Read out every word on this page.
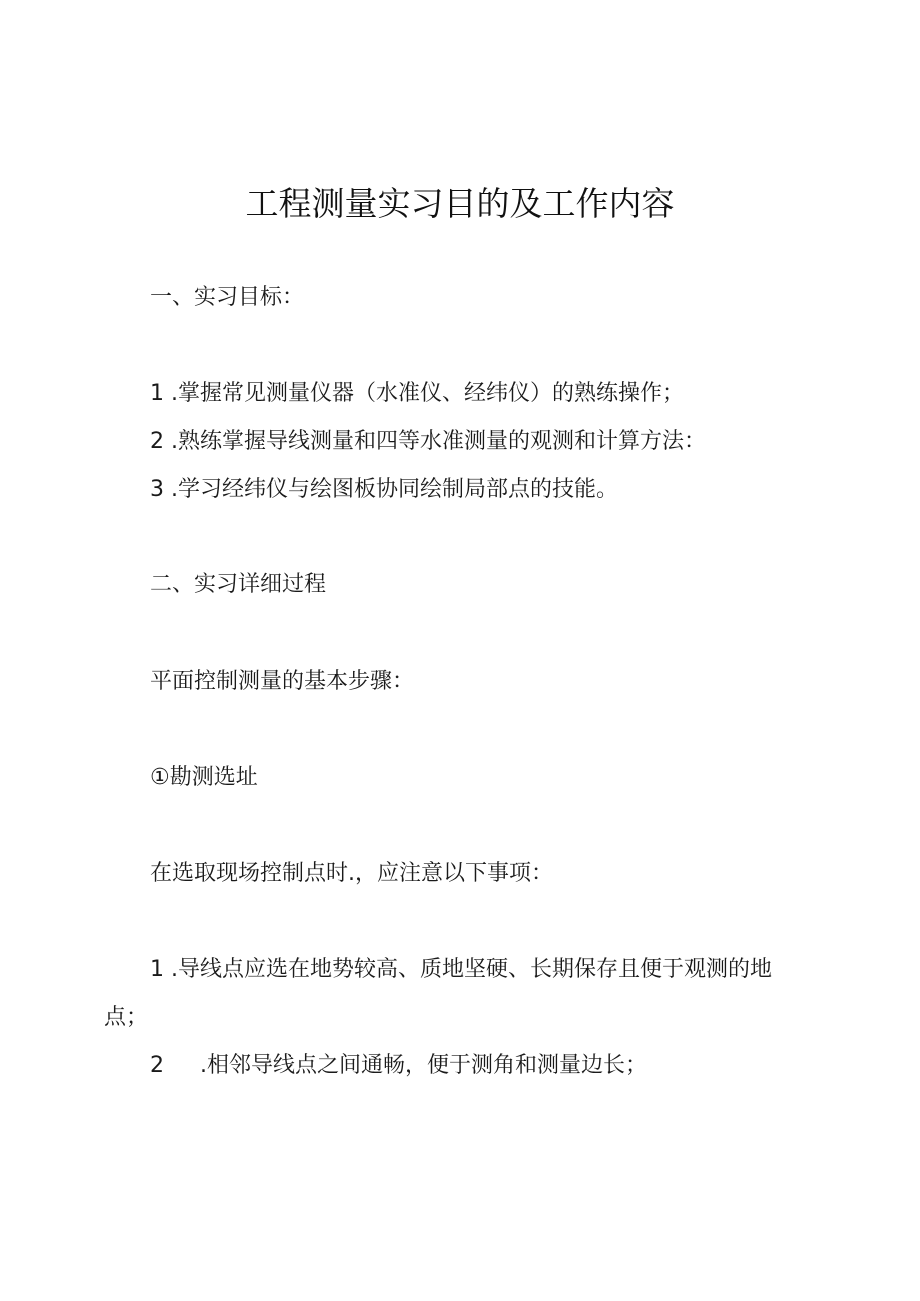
工程测量实习目的及工作内容
一、实习目标：
1 .掌握常见测量仪器（水准仪、经纬仪）的熟练操作；
2 .熟练掌握导线测量和四等水准测量的观测和计算方法：
3 .学习经纬仪与绘图板协同绘制局部点的技能。
二、实习详细过程
平面控制测量的基本步骤：
①勘测选址
在选取现场控制点时.，应注意以下事项：
1 .导线点应选在地势较高、质地坚硬、长期保存且便于观测的地
点；
2 .相邻导线点之间通畅，便于测角和测量边长；
